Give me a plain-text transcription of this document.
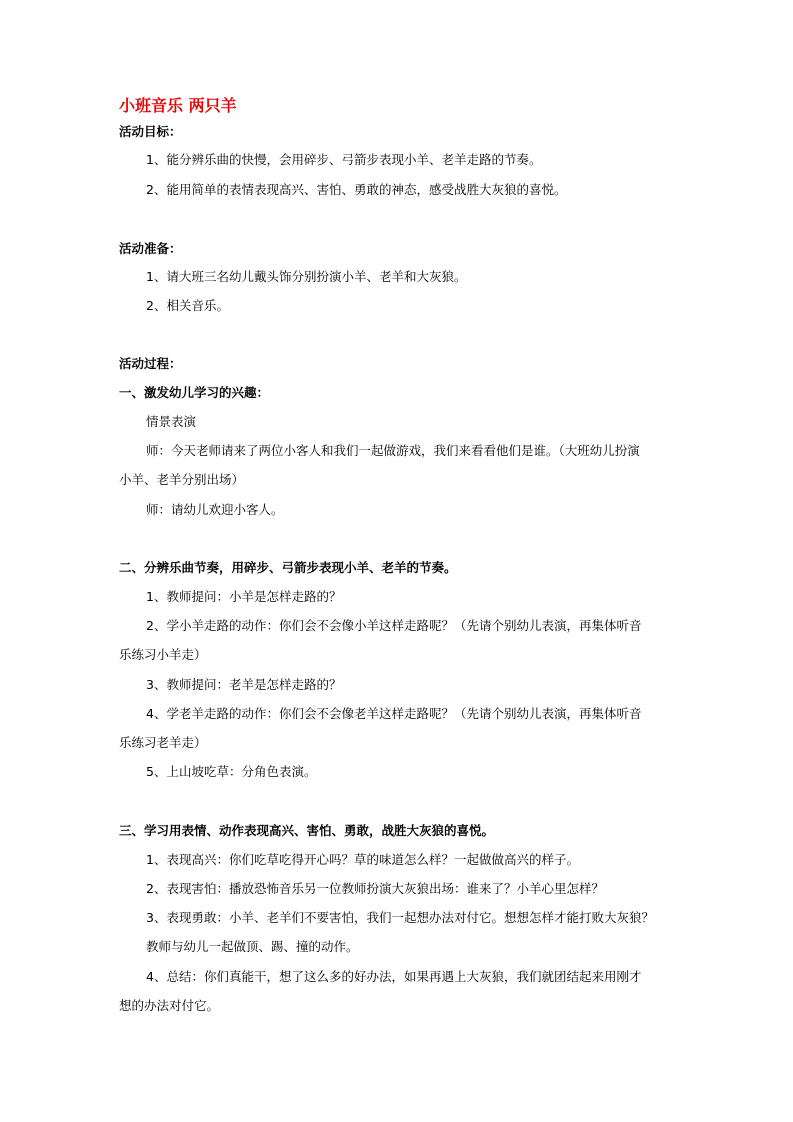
小班音乐 两只羊
活动目标：
1、能分辨乐曲的快慢，会用碎步、弓箭步表现小羊、老羊走路的节奏。
2、能用简单的表情表现高兴、害怕、勇敢的神态，感受战胜大灰狼的喜悦。
活动准备：
1、请大班三名幼儿戴头饰分别扮演小羊、老羊和大灰狼。
2、相关音乐。
活动过程：
一、激发幼儿学习的兴趣：
情景表演
师：今天老师请来了两位小客人和我们一起做游戏，我们来看看他们是谁。（大班幼儿扮演
小羊、老羊分别出场）
师：请幼儿欢迎小客人。
二、分辨乐曲节奏，用碎步、弓箭步表现小羊、老羊的节奏。
1、教师提问：小羊是怎样走路的？
2、学小羊走路的动作：你们会不会像小羊这样走路呢？（先请个别幼儿表演，再集体听音
乐练习小羊走）
3、教师提问：老羊是怎样走路的？
4、学老羊走路的动作：你们会不会像老羊这样走路呢？（先请个别幼儿表演，再集体听音
乐练习老羊走）
5、上山坡吃草：分角色表演。
三、学习用表情、动作表现高兴、害怕、勇敢，战胜大灰狼的喜悦。
1、表现高兴：你们吃草吃得开心吗？草的味道怎么样？一起做做高兴的样子。
2、表现害怕：播放恐怖音乐另一位教师扮演大灰狼出场：谁来了？小羊心里怎样？
3、表现勇敢：小羊、老羊们不要害怕，我们一起想办法对付它。想想怎样才能打败大灰狼？
教师与幼儿一起做顶、踢、撞的动作。
4、总结：你们真能干，想了这么多的好办法，如果再遇上大灰狼，我们就团结起来用刚才
想的办法对付它。
